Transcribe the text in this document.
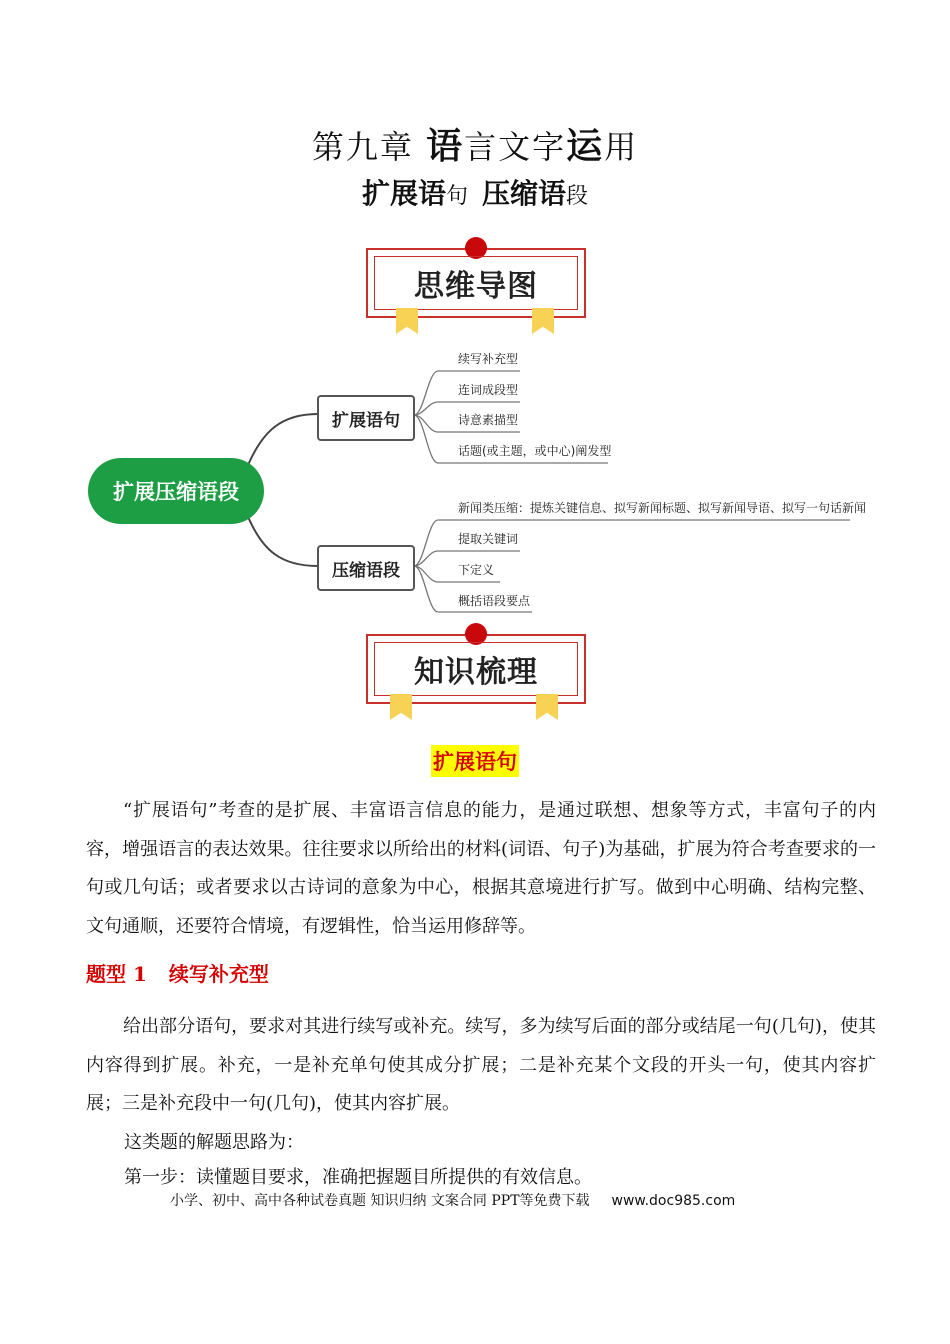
第九章 语言文字运用
扩展语句 压缩语段
思维导图
扩展压缩语段
扩展语句
压缩语段
续写补充型
连词成段型
诗意素描型
话题(或主题，或中心)阐发型
新闻类压缩：提炼关键信息、拟写新闻标题、拟写新闻导语、拟写一句话新闻
提取关键词
下定义
概括语段要点
知识梳理
扩展语句
“扩展语句”考查的是扩展、丰富语言信息的能力，是通过联想、想象等方式，丰富句子的内容，增强语言的表达效果。往往要求以所给出的材料(词语、句子)为基础，扩展为符合考查要求的一句或几句话；或者要求以古诗词的意象为中心，根据其意境进行扩写。做到中心明确、结构完整、文句通顺，还要符合情境，有逻辑性，恰当运用修辞等。
题型 1 续写补充型
给出部分语句，要求对其进行续写或补充。续写，多为续写后面的部分或结尾一句(几句)，使其内容得到扩展。补充，一是补充单句使其成分扩展；二是补充某个文段的开头一句，使其内容扩展；三是补充段中一句(几句)，使其内容扩展。
这类题的解题思路为：
第一步：读懂题目要求，准确把握题目所提供的有效信息。
小学、初中、高中各种试卷真题 知识归纳 文案合同 PPT等免费下载 www.doc985.com
